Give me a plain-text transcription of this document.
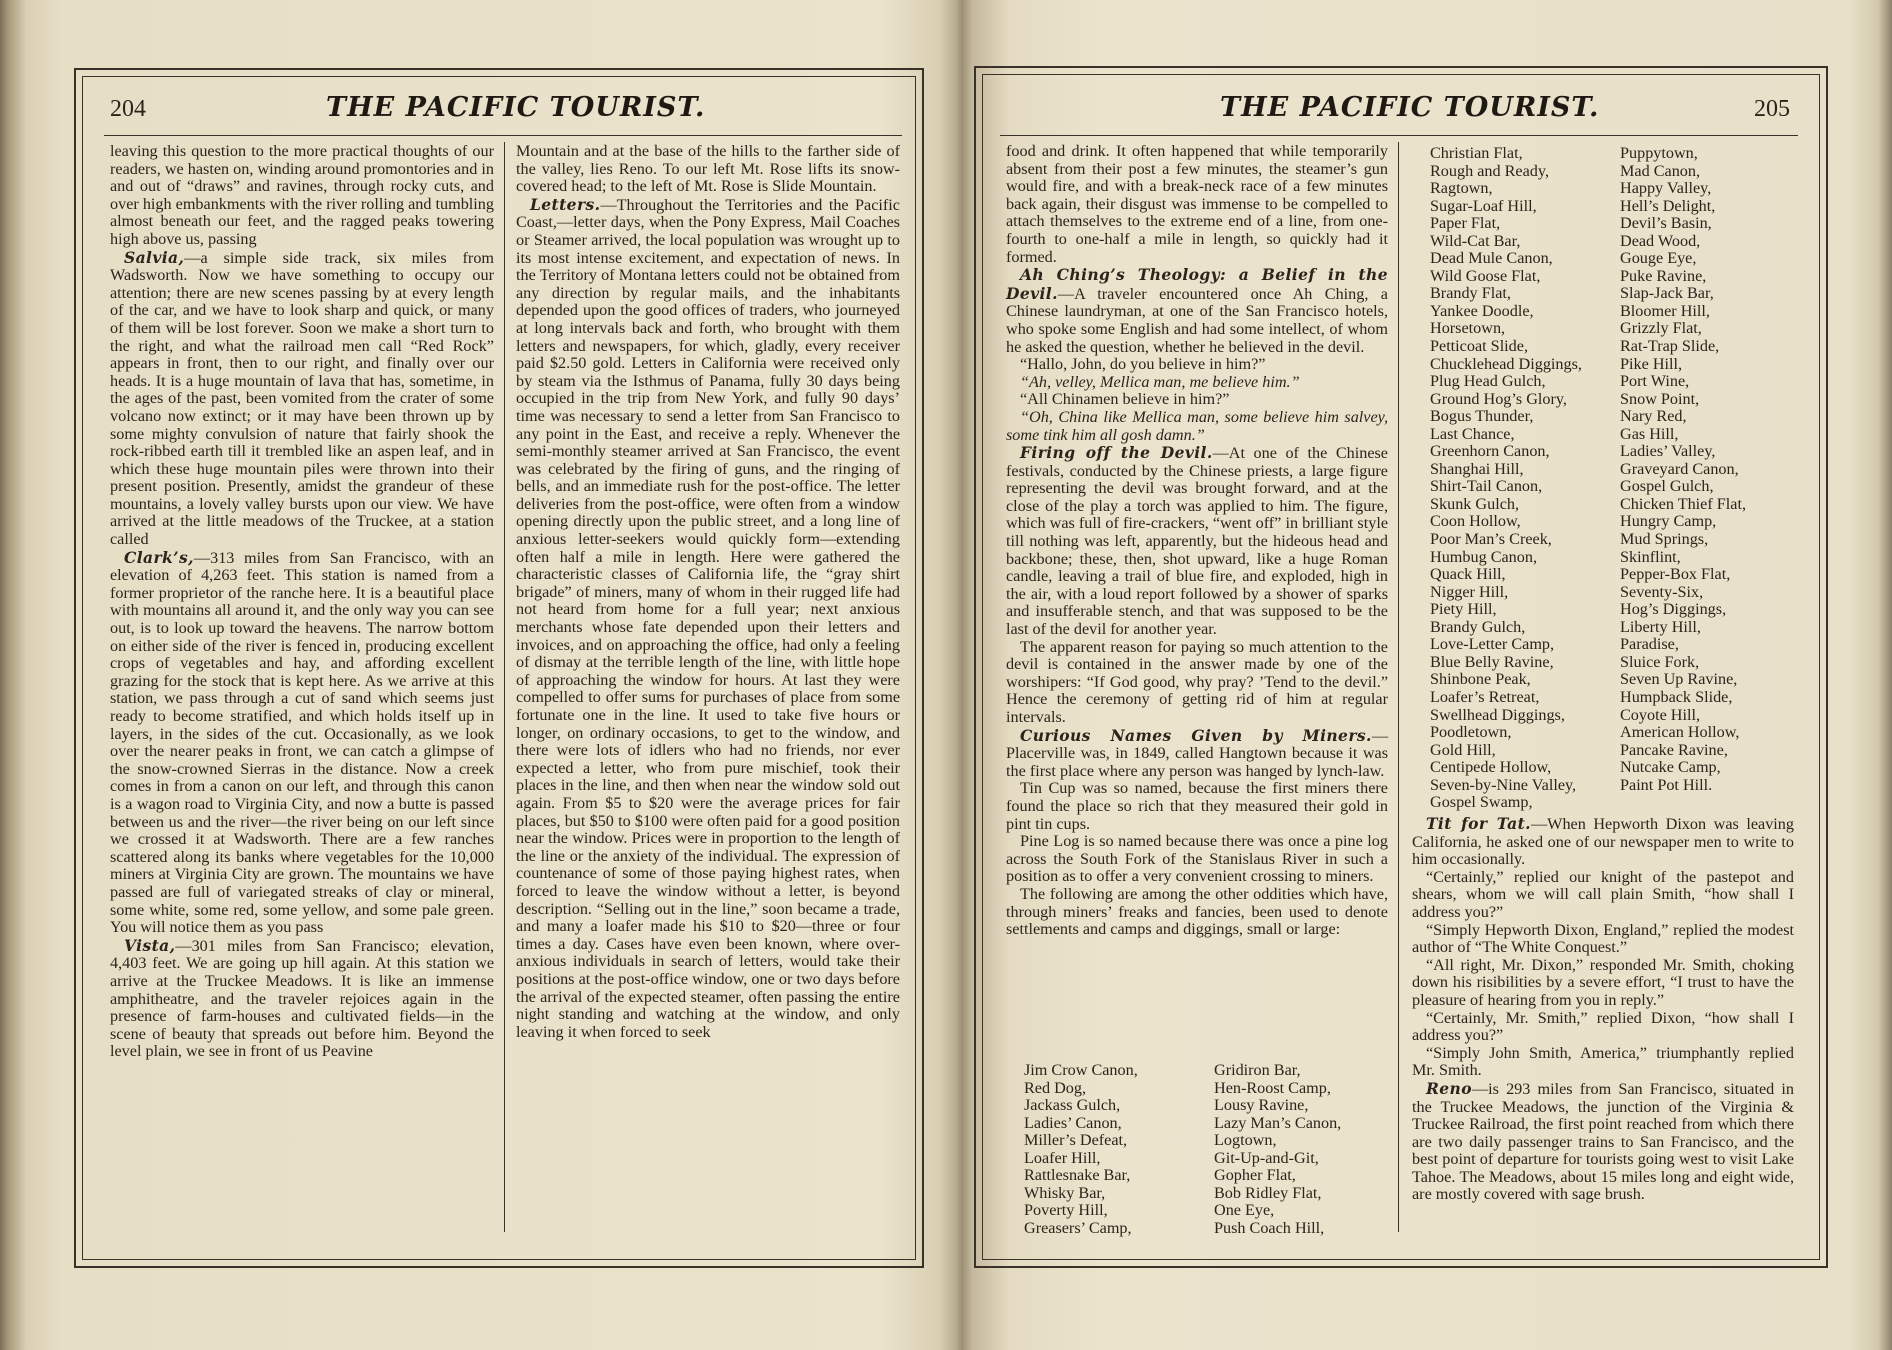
204	THE PACIFIC TOURIST.

leaving this question to the more practical thoughts of our readers, we hasten on, winding around promontories and in and out of “draws” and ravines, through rocky cuts, and over high embankments with the river rolling and tumbling almost beneath our feet, and the ragged peaks towering high above us, passing

Salvia,—a simple side track, six miles from Wadsworth. Now we have something to occupy our attention; there are new scenes passing by at every length of the car, and we have to look sharp and quick, or many of them will be lost forever. Soon we make a short turn to the right, and what the railroad men call “Red Rock” appears in front, then to our right, and finally over our heads. It is a huge mountain of lava that has, sometime, in the ages of the past, been vomited from the crater of some volcano now extinct; or it may have been thrown up by some mighty convulsion of nature that fairly shook the rock-ribbed earth till it trembled like an aspen leaf, and in which these huge mountain piles were thrown into their present position. Presently, amidst the grandeur of these mountains, a lovely valley bursts upon our view. We have arrived at the little meadows of the Truckee, at a station called

Clark’s,—313 miles from San Francisco, with an elevation of 4,263 feet. This station is named from a former proprietor of the ranche here. It is a beautiful place with mountains all around it, and the only way you can see out, is to look up toward the heavens. The narrow bottom on either side of the river is fenced in, producing excellent crops of vegetables and hay, and affording excellent grazing for the stock that is kept here. As we arrive at this station, we pass through a cut of sand which seems just ready to become stratified, and which holds itself up in layers, in the sides of the cut. Occasionally, as we look over the nearer peaks in front, we can catch a glimpse of the snow-crowned Sierras in the distance. Now a creek comes in from a canon on our left, and through this canon is a wagon road to Virginia City, and now a butte is passed between us and the river—the river being on our left since we crossed it at Wadsworth. There are a few ranches scattered along its banks where vegetables for the 10,000 miners at Virginia City are grown. The mountains we have passed are full of variegated streaks of clay or mineral, some white, some red, some yellow, and some pale green. You will notice them as you pass

Vista,—301 miles from San Francisco; elevation, 4,403 feet. We are going up hill again. At this station we arrive at the Truckee Meadows. It is like an immense amphitheatre, and the traveler rejoices again in the presence of farm-houses and cultivated fields—in the scene of beauty that spreads out before him. Beyond the level plain, we see in front of us Peavine

Mountain and at the base of the hills to the farther side of the valley, lies Reno. To our left Mt. Rose lifts its snow-covered head; to the left of Mt. Rose is Slide Mountain.

Letters.—Throughout the Territories and the Pacific Coast,—letter days, when the Pony Express, Mail Coaches or Steamer arrived, the local population was wrought up to its most intense excitement, and expectation of news. In the Territory of Montana letters could not be obtained from any direction by regular mails, and the inhabitants depended upon the good offices of traders, who journeyed at long intervals back and forth, who brought with them letters and newspapers, for which, gladly, every receiver paid $2.50 gold. Letters in California were received only by steam via the Isthmus of Panama, fully 30 days being occupied in the trip from New York, and fully 90 days’ time was necessary to send a letter from San Francisco to any point in the East, and receive a reply. Whenever the semi-monthly steamer arrived at San Francisco, the event was celebrated by the firing of guns, and the ringing of bells, and an immediate rush for the post-office. The letter deliveries from the post-office, were often from a window opening directly upon the public street, and a long line of anxious letter-seekers would quickly form—extending often half a mile in length. Here were gathered the characteristic classes of California life, the “gray shirt brigade” of miners, many of whom in their rugged life had not heard from home for a full year; next anxious merchants whose fate depended upon their letters and invoices, and on approaching the office, had only a feeling of dismay at the terrible length of the line, with little hope of approaching the window for hours. At last they were compelled to offer sums for purchases of place from some fortunate one in the line. It used to take five hours or longer, on ordinary occasions, to get to the window, and there were lots of idlers who had no friends, nor ever expected a letter, who from pure mischief, took their places in the line, and then when near the window sold out again. From $5 to $20 were the average prices for fair places, but $50 to $100 were often paid for a good position near the window. Prices were in proportion to the length of the line or the anxiety of the individual. The expression of countenance of some of those paying highest rates, when forced to leave the window without a letter, is beyond description. “Selling out in the line,” soon became a trade, and many a loafer made his $10 to $20—three or four times a day. Cases have even been known, where over-anxious individuals in search of letters, would take their positions at the post-office window, one or two days before the arrival of the expected steamer, often passing the entire night standing and watching at the window, and only leaving it when forced to seek

205
THE PACIFIC TOURIST.

food and drink. It often happened that while temporarily absent from their post a few minutes, the steamer’s gun would fire, and with a break-neck race of a few minutes back again, their disgust was immense to be compelled to attach themselves to the extreme end of a line, from one-fourth to one-half a mile in length, so quickly had it formed.

Ah Ching’s Theology: a Belief in the Devil.—A traveler encountered once Ah Ching, a Chinese laundryman, at one of the San Francisco hotels, who spoke some English and had some intellect, of whom he asked the question, whether he believed in the devil.

“Hallo, John, do you believe in him?”

“Ah, velley, Mellica man, me believe him.”

“All Chinamen believe in him?”

“Oh, China like Mellica man, some believe him salvey, some tink him all gosh damn.”

Firing off the Devil.—At one of the Chinese festivals, conducted by the Chinese priests, a large figure representing the devil was brought forward, and at the close of the play a torch was applied to him. The figure, which was full of fire-crackers, “went off” in brilliant style till nothing was left, apparently, but the hideous head and backbone; these, then, shot upward, like a huge Roman candle, leaving a trail of blue fire, and exploded, high in the air, with a loud report followed by a shower of sparks and insufferable stench, and that was supposed to be the last of the devil for another year.

The apparent reason for paying so much attention to the devil is contained in the answer made by one of the worshipers: “If God good, why pray? ’Tend to the devil.” Hence the ceremony of getting rid of him at regular intervals.

Curious Names Given by Miners.—Placerville was, in 1849, called Hangtown because it was the first place where any person was hanged by lynch-law.

Tin Cup was so named, because the first miners there found the place so rich that they measured their gold in pint tin cups.

Pine Log is so named because there was once a pine log across the South Fork of the Stanislaus River in such a position as to offer a very convenient crossing to miners.

The following are among the other oddities which have, through miners’ freaks and fancies, been used to denote settlements and camps and diggings, small or large:

Jim Crow Canon,
Red Dog,
Jackass Gulch,
Ladies’ Canon,
Miller’s Defeat,
Loafer Hill,
Rattlesnake Bar,
Whisky Bar,
Poverty Hill,
Greasers’ Camp,
Gridiron Bar,
Hen-Roost Camp,
Lousy Ravine,
Lazy Man’s Canon,
Logtown,
Git-Up-and-Git,
Gopher Flat,
Bob Ridley Flat,
One Eye,
Push Coach Hill,
Christian Flat,
Rough and Ready,
Ragtown,
Sugar-Loaf Hill,
Paper Flat,
Wild-Cat Bar,
Dead Mule Canon,
Wild Goose Flat,
Brandy Flat,
Yankee Doodle,
Horsetown,
Petticoat Slide,
Chucklehead Diggings,
Plug Head Gulch,
Ground Hog’s Glory,
Bogus Thunder,
Last Chance,
Greenhorn Canon,
Shanghai Hill,
Shirt-Tail Canon,
Skunk Gulch,
Coon Hollow,
Poor Man’s Creek,
Humbug Canon,
Quack Hill,
Nigger Hill,
Piety Hill,
Brandy Gulch,
Love-Letter Camp,
Blue Belly Ravine,
Shinbone Peak,
Loafer’s Retreat,
Swellhead Diggings,
Poodletown,
Gold Hill,
Centipede Hollow,
Seven-by-Nine Valley,
Gospel Swamp,
Puppytown,
Mad Canon,
Happy Valley,
Hell’s Delight,
Devil’s Basin,
Dead Wood,
Gouge Eye,
Puke Ravine,
Slap-Jack Bar,
Bloomer Hill,
Grizzly Flat,
Rat-Trap Slide,
Pike Hill,
Port Wine,
Snow Point,
Nary Red,
Gas Hill,
Ladies’ Valley,
Graveyard Canon,
Gospel Gulch,
Chicken Thief Flat,
Hungry Camp,
Mud Springs,
Skinflint,
Pepper-Box Flat,
Seventy-Six,
Hog’s Diggings,
Liberty Hill,
Paradise,
Sluice Fork,
Seven Up Ravine,
Humpback Slide,
Coyote Hill,
American Hollow,
Pancake Ravine,
Nutcake Camp,
Paint Pot Hill.

Tit for Tat.—When Hepworth Dixon was leaving California, he asked one of our newspaper men to write to him occasionally.

“Certainly,” replied our knight of the pastepot and shears, whom we will call plain Smith, “how shall I address you?”

“Simply Hepworth Dixon, England,” replied the modest author of “The White Conquest.”

“All right, Mr. Dixon,” responded Mr. Smith, choking down his risibilities by a severe effort, “I trust to have the pleasure of hearing from you in reply.”

“Certainly, Mr. Smith,” replied Dixon, “how shall I address you?”

“Simply John Smith, America,” triumphantly replied Mr. Smith.

Reno—is 293 miles from San Francisco, situated in the Truckee Meadows, the junction of the Virginia & Truckee Railroad, the first point reached from which there are two daily passenger trains to San Francisco, and the best point of departure for tourists going west to visit Lake Tahoe. The Meadows, about 15 miles long and eight wide, are mostly covered with sage brush.
